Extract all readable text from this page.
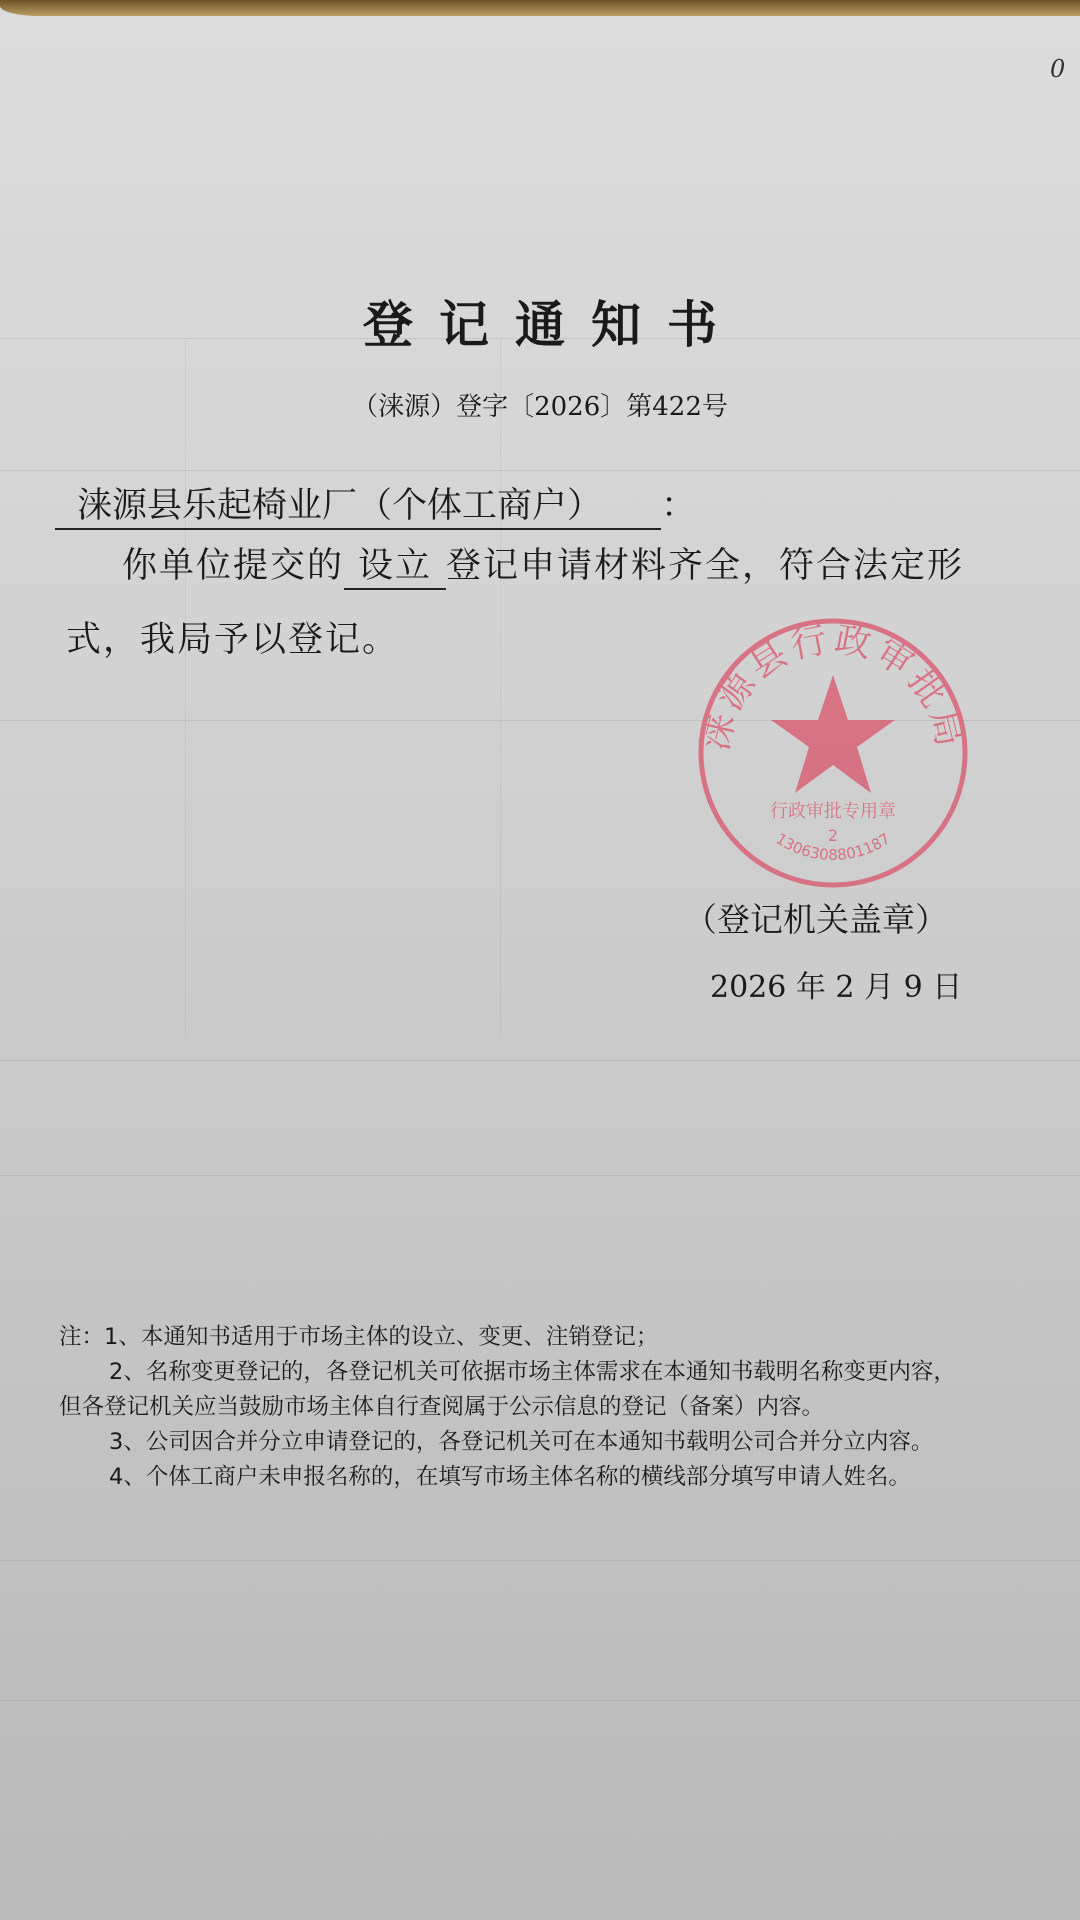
0
登记通知书
（涞源）登字〔2026〕第422号
涞源县乐起椅业厂（个体工商户） ：
你单位提交的 设立 登记申请材料齐全，符合法定形
式，我局予以登记。
涞源县行政审批局
行政审批专用章
2
1306308801187
（登记机关盖章）
2026 年 2 月 9 日
注：1、本通知书适用于市场主体的设立、变更、注销登记；
2、名称变更登记的，各登记机关可依据市场主体需求在本通知书载明名称变更内容，
但各登记机关应当鼓励市场主体自行查阅属于公示信息的登记（备案）内容。
3、公司因合并分立申请登记的，各登记机关可在本通知书载明公司合并分立内容。
4、个体工商户未申报名称的，在填写市场主体名称的横线部分填写申请人姓名。
